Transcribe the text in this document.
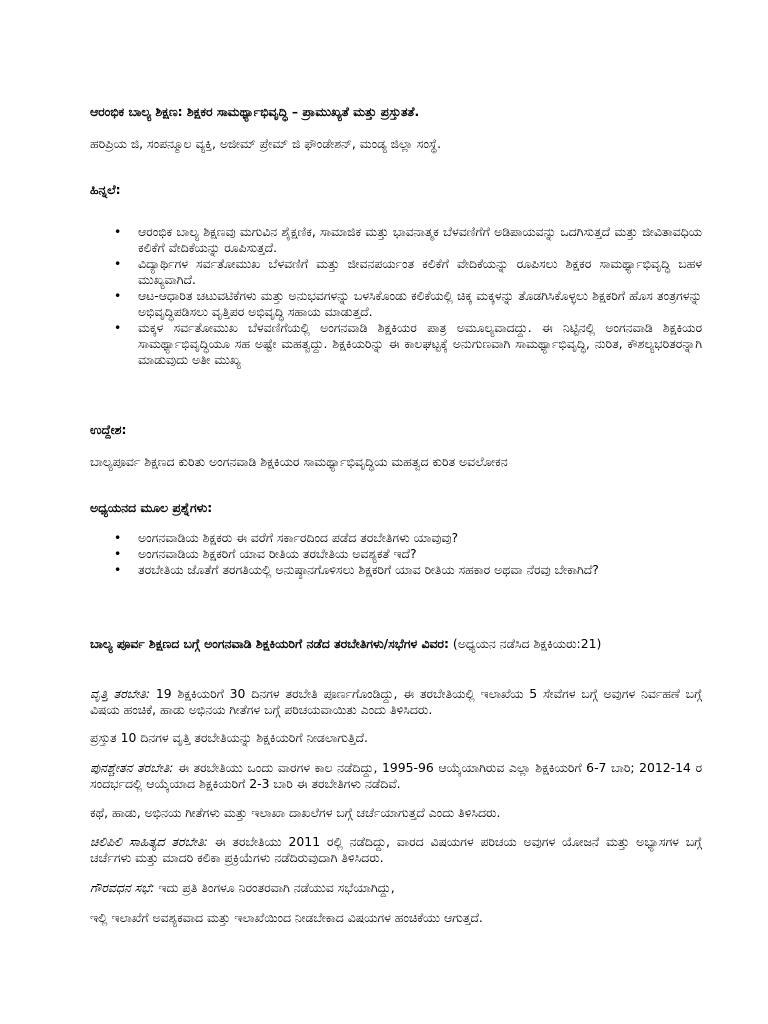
ಆರಂಭಿಕ ಬಾಲ್ಯ ಶಿಕ್ಷಣ: ಶಿಕ್ಷಕರ ಸಾಮರ್ಥ್ಯಾಭಿವೃದ್ಧಿ – ಪ್ರಾಮುಖ್ಯತೆ ಮತ್ತು ಪ್ರಸ್ತುತತೆ.

ಹರಿಪ್ರಿಯ ಜಿ, ಸಂಪನ್ಮೂಲ ವ್ಯಕ್ತಿ, ಅಜೀಮ್ ಪ್ರೇಮ್ ಜಿ ಫೌಂಡೇಶನ್, ಮಂಡ್ಯ ಜಿಲ್ಲಾ ಸಂಸ್ಥೆ.

ಹಿನ್ನಲೆ:

• ಆರಂಭಿಕ ಬಾಲ್ಯ ಶಿಕ್ಷಣವು ಮಗುವಿನ ಶೈಕ್ಷಣಿಕ, ಸಾಮಾಜಿಕ ಮತ್ತು ಭಾವನಾತ್ಮಕ ಬೆಳವಣಿಗೆಗೆ ಅಡಿಪಾಯವನ್ನು ಒದಗಿಸುತ್ತದೆ ಮತ್ತು ಜೀವಿತಾವಧಿಯ ಕಲಿಕೆಗೆ ವೇದಿಕೆಯನ್ನು ರೂಪಿಸುತ್ತದೆ.
• ವಿದ್ಯಾರ್ಥಿಗಳ ಸರ್ವತೋಮುಖ ಬೆಳವಣಿಗೆ ಮತ್ತು ಜೀವನಪರ್ಯಂತ ಕಲಿಕೆಗೆ ವೇದಿಕೆಯನ್ನು ರೂಪಿಸಲು ಶಿಕ್ಷಕರ ಸಾಮರ್ಥ್ಯಾಭಿವೃದ್ಧಿ ಬಹಳ ಮುಖ್ಯವಾಗಿದೆ.
• ಆಟ-ಆಧಾರಿತ ಚಟುವಟಿಕೆಗಳು ಮತ್ತು ಅನುಭವಗಳನ್ನು ಬಳಸಿಕೊಂಡು ಕಲಿಕೆಯಲ್ಲಿ ಚಿಕ್ಕ ಮಕ್ಕಳನ್ನು ತೊಡಗಿಸಿಕೊಳ್ಳಲು ಶಿಕ್ಷಕರಿಗೆ ಹೊಸ ತಂತ್ರಗಳನ್ನು ಅಭಿವೃದ್ಧಿಪಡಿಸಲು ವೃತ್ತಿಪರ ಅಭಿವೃದ್ಧಿ ಸಹಾಯ ಮಾಡುತ್ತದೆ.
• ಮಕ್ಕಳ ಸರ್ವತೋಮುಖ ಬೆಳವಣಿಗೆಯಲ್ಲಿ ಅಂಗನವಾಡಿ ಶಿಕ್ಷಕಿಯರ ಪಾತ್ರ ಅಮೂಲ್ಯವಾದದ್ದು. ಈ ನಿಟ್ಟಿನಲ್ಲಿ ಅಂಗನವಾಡಿ ಶಿಕ್ಷಕಿಯರ ಸಾಮರ್ಥ್ಯಾಭಿವೃದ್ಧಿಯೂ ಸಹ ಅಷ್ಟೇ ಮಹತ್ವದ್ದು. ಶಿಕ್ಷಕಿಯರಿನ್ನು ಈ ಕಾಲಘಟ್ಟಕ್ಕೆ ಅನುಗುಣವಾಗಿ ಸಾಮರ್ಥ್ಯಾಭಿವೃದ್ಧಿ, ನುರಿತ, ಕೌಶಲ್ಯಭರಿತರನ್ನಾಗಿ ಮಾಡುವುದು ಅತೀ ಮುಖ್ಯ

ಉದ್ದೇಶ:

ಬಾಲ್ಯಪೂರ್ವ ಶಿಕ್ಷಣದ ಕುರಿತು ಅಂಗನವಾಡಿ ಶಿಕ್ಷಕಿಯರ ಸಾಮರ್ಥ್ಯಾಭಿವೃದ್ಧಿಯ ಮಹತ್ವದ ಕುರಿತ ಅವಲೋಕನ

ಅಧ್ಯಯನದ ಮೂಲ ಪ್ರಶ್ನೆಗಳು:

• ಅಂಗನವಾಡಿಯ ಶಿಕ್ಷಕರು ಈ ವರೆಗೆ ಸರ್ಕಾರದಿಂದ ಪಡೆದ ತರಬೇತಿಗಳು ಯಾವುವು?
• ಅಂಗನವಾಡಿಯ ಶಿಕ್ಷಕರಿಗೆ ಯಾವ ರೀತಿಯ ತರಬೇತಿಯ ಅವಶ್ಯಕತೆ ಇದೆ?
• ತರಬೇತಿಯ ಜೊತೆಗೆ ತರಗತಿಯಲ್ಲಿ ಅನುಷ್ಠಾನಗೊಳಿಸಲು ಶಿಕ್ಷಕರಿಗೆ ಯಾವ ರೀತಿಯ ಸಹಕಾರ ಅಥವಾ ನೆರವು ಬೇಕಾಗಿದೆ?

ಬಾಲ್ಯ ಪೂರ್ವ ಶಿಕ್ಷಣದ ಬಗ್ಗೆ ಅಂಗನವಾಡಿ ಶಿಕ್ಷಕಿಯರಿಗೆ ನಡೆದ ತರಬೇತಿಗಳು/ಸಭೆಗಳ ವಿವರ: (ಅಧ್ಯಯನ ನಡೆಸಿದ ಶಿಕ್ಷಕಿಯರು:21)

ವೃತ್ತಿ ತರಬೇತಿ: 19 ಶಿಕ್ಷಕಿಯರಿಗೆ 30 ದಿನಗಳ ತರಬೇತಿ ಪೂರ್ಣಗೊಂಡಿದ್ದು, ಈ ತರಬೇತಿಯಲ್ಲಿ ಇಲಾಖೆಯ 5 ಸೇವೆಗಳ ಬಗ್ಗೆ ಅವುಗಳ ನಿರ್ವಹಣೆ ಬಗ್ಗೆ ವಿಷಯ ಹಂಚಿಕೆ, ಹಾಡು ಅಭಿನಯ ಗೀತೆಗಳ ಬಗ್ಗೆ ಪರಿಚಯವಾಯಿತು ಎಂದು ತಿಳಿಸಿದರು.

ಪ್ರಸ್ತುತ 10 ದಿನಗಳ ವೃತ್ತಿ ತರಬೇತಿಯನ್ನು ಶಿಕ್ಷಕಿಯರಿಗೆ ನೀಡಲಾಗುತ್ತಿದೆ.

ಪುನಶ್ಚೇತನ ತರಬೇತಿ: ಈ ತರಬೇತಿಯು ಒಂದು ವಾರಗಳ ಕಾಲ ನಡೆದಿದ್ದು, 1995-96 ಆಯ್ಕೆಯಾಗಿರುವ ಎಲ್ಲಾ ಶಿಕ್ಷಕಿಯರಿಗೆ 6-7 ಬಾರಿ; 2012-14 ರ ಸಂದರ್ಭದಲ್ಲಿ ಆಯ್ಕೆಯಾದ ಶಿಕ್ಷಕಿಯರಿಗೆ 2-3 ಬಾರಿ ಈ ತರಬೇತಿಗಳು ನಡೆದಿವೆ.

ಕಥೆ, ಹಾಡು, ಅಭಿನಯ ಗೀತೆಗಳು ಮತ್ತು ಇಲಾಖಾ ದಾಖಲೆಗಳ ಬಗ್ಗೆ ಚರ್ಚೆಯಾಗುತ್ತದೆ ಎಂದು ತಿಳಿಸಿದರು.

ಚಿಲಿಪಿಲಿ ಸಾಹಿತ್ಯದ ತರಬೇತಿ: ಈ ತರಬೇತಿಯು 2011 ರಲ್ಲಿ ನಡೆದಿದ್ದು, ವಾರದ ವಿಷಯಗಳ ಪರಿಚಯ ಅವುಗಳ ಯೋಜನೆ ಮತ್ತು ಅಭ್ಯಾಸಗಳ ಬಗ್ಗೆ ಚರ್ಚೆಗಳು ಮತ್ತು ಮಾದರಿ ಕಲಿಕಾ ಪ್ರಕ್ರಿಯೆಗಳು ನಡೆದಿರುವುದಾಗಿ ತಿಳಿಸಿದರು.

ಗೌರವಧನ ಸಭೆ: ಇದು ಪ್ರತಿ ತಿಂಗಳೂ ನಿರಂತರವಾಗಿ ನಡೆಯುವ ಸಭೆಯಾಗಿದ್ದು,

ಇಲ್ಲಿ ಇಲಾಖೆಗೆ ಅವಶ್ಯಕವಾದ ಮತ್ತು ಇಲಾಖೆಯಿಂದ ನೀಡಬೇಕಾದ ವಿಷಯಗಳ ಹಂಚಿಕೆಯು ಆಗುತ್ತದೆ.
